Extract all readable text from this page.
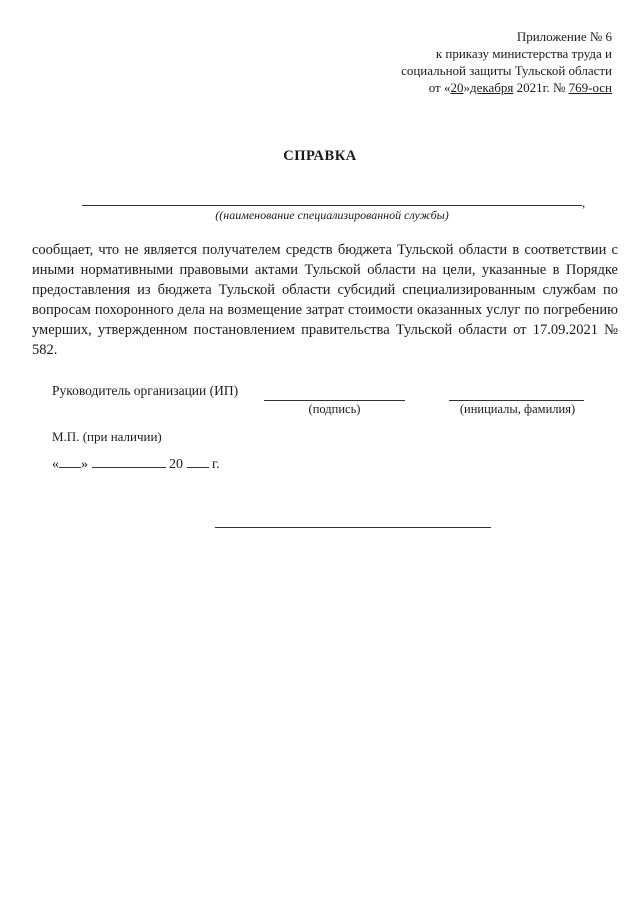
Приложение № 6
к приказу министерства труда и
социальной защиты Тульской области
от «20»декабря 2021г. № 769-осн
СПРАВКА
,
((наименование специализированной службы)
сообщает, что не является получателем средств бюджета Тульской области в соответствии с иными нормативными правовыми актами Тульской области на цели, указанные в Порядке предоставления из бюджета Тульской области субсидий специализированным службам по вопросам похоронного дела на возмещение затрат стоимости оказанных услуг по погребению умерших, утвержденном постановлением правительства Тульской области от 17.09.2021 № 582.
Руководитель организации (ИП)
(подпись)	(инициалы, фамилия)
М.П. (при наличии)
« »	20 г.
